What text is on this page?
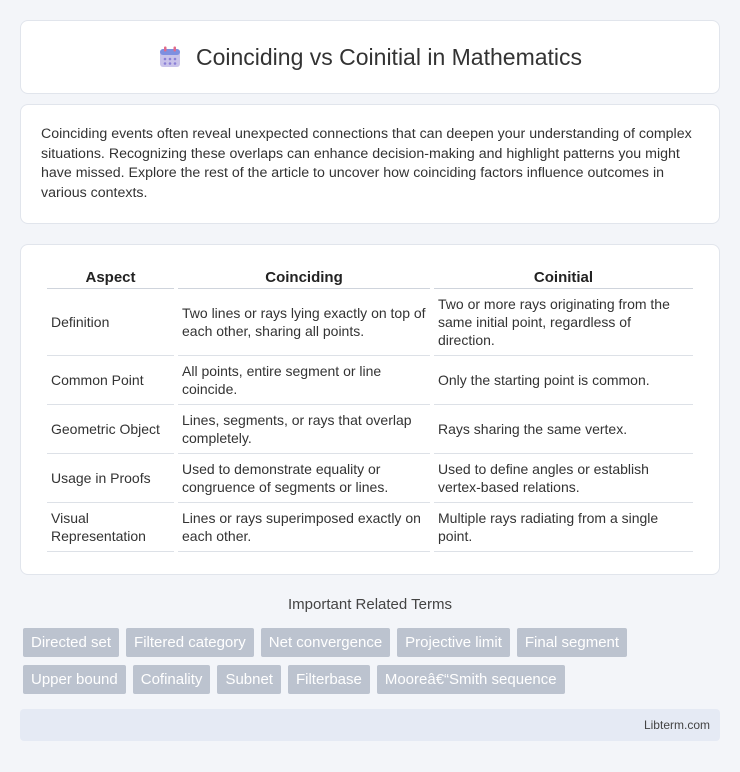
Coinciding vs Coinitial in Mathematics

Coinciding events often reveal unexpected connections that can deepen your understanding of complex situations. Recognizing these overlaps can enhance decision-making and highlight patterns you might have missed. Explore the rest of the article to uncover how coinciding factors influence outcomes in various contexts.

Aspect	Coinciding	Coinitial
Definition	Two lines or rays lying exactly on top of each other, sharing all points.	Two or more rays originating from the same initial point, regardless of direction.
Common Point	All points, entire segment or line coincide.	Only the starting point is common.
Geometric Object	Lines, segments, or rays that overlap completely.	Rays sharing the same vertex.
Usage in Proofs	Used to demonstrate equality or congruence of segments or lines.	Used to define angles or establish vertex-based relations.
Visual Representation	Lines or rays superimposed exactly on each other.	Multiple rays radiating from a single point.
Important Related Terms
Directed set	Filtered category	Net convergence	Projective limit	Final segment
Upper bound	Cofinality	Subnet	Filterbase	Mooreâ€“Smith sequence
Libterm.com
